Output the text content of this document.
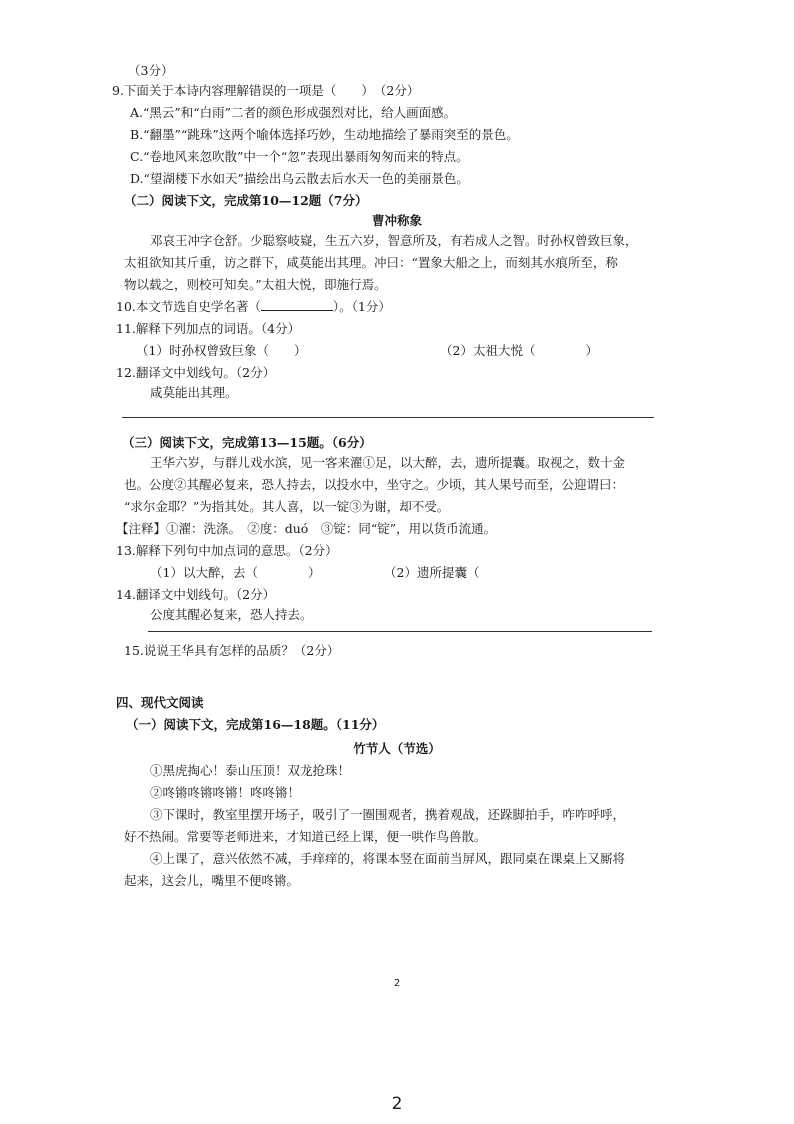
（3分）
9.下面关于本诗内容理解错误的一项是（　　）　（2分）
A.“黑云”和“白雨”二者的颜色形成强烈对比，给人画面感。
B.“翻墨”“跳珠”这两个喻体选择巧妙，生动地描绘了暴雨突至的景色。
C.“卷地风来忽吹散”中一个“忽”表现出暴雨匆匆而来的特点。
D.“望湖楼下水如天”描绘出乌云散去后水天一色的美丽景色。
（二）阅读下文，完成第10—12题（7分）
曹冲称象
邓哀王冲字仓舒。少聪察岐嶷，生五六岁，智意所及，有若成人之智。时孙权曾致巨象，
太祖欲知其斤重，访之群下，咸莫能出其理。冲曰：“置象大船之上，而刻其水痕所至，称
物以载之，则校可知矣。”太祖大悦，即施行焉。
10.本文节选自史学名著（	）。（1分）
11.解释下列加点的词语。（4分）
（1）时孙权曾致巨象（　　）	（2）太祖大悦（　　　　）
12.翻译文中划线句。（2分）
咸莫能出其理。
（三）阅读下文，完成第13—15题。（6分）
王华六岁，与群儿戏水滨，见一客来濯①足，以大醉，去，遗所提囊。取视之，数十金
也。公度②其醒必复来，恐人持去，以投水中，坐守之。少顷，其人果号而至，公迎谓曰：
“求尔金耶？”为指其处。其人喜，以一锭③为谢，却不受。
【注释】①濯：洗涤。　②度：duó　③锭：同“锭”，用以货币流通。
13.解释下列句中加点词的意思。（2分）
（1）以大醉，去（　　　　）	（2）遗所提囊（
14.翻译文中划线句。（2分）
公度其醒必复来，恐人持去。
15.说说王华具有怎样的品质？（2分）
四、现代文阅读
（一）阅读下文，完成第16—18题。（11分）
竹节人（节选）
①黑虎掏心！泰山压顶！双龙抢珠！
②咚锵咚锵咚锵！咚咚锵！
③下课时，教室里摆开场子，吸引了一圈围观者，携着观战，还跺脚拍手，咋咋呼呼，
好不热闹。常要等老师进来，才知道已经上课，便一哄作鸟兽散。
④上课了，意兴依然不减，手痒痒的，将课本竖在面前当屏风，跟同桌在课桌上又厮将
起来，这会儿，嘴里不便咚锵。
2
2
